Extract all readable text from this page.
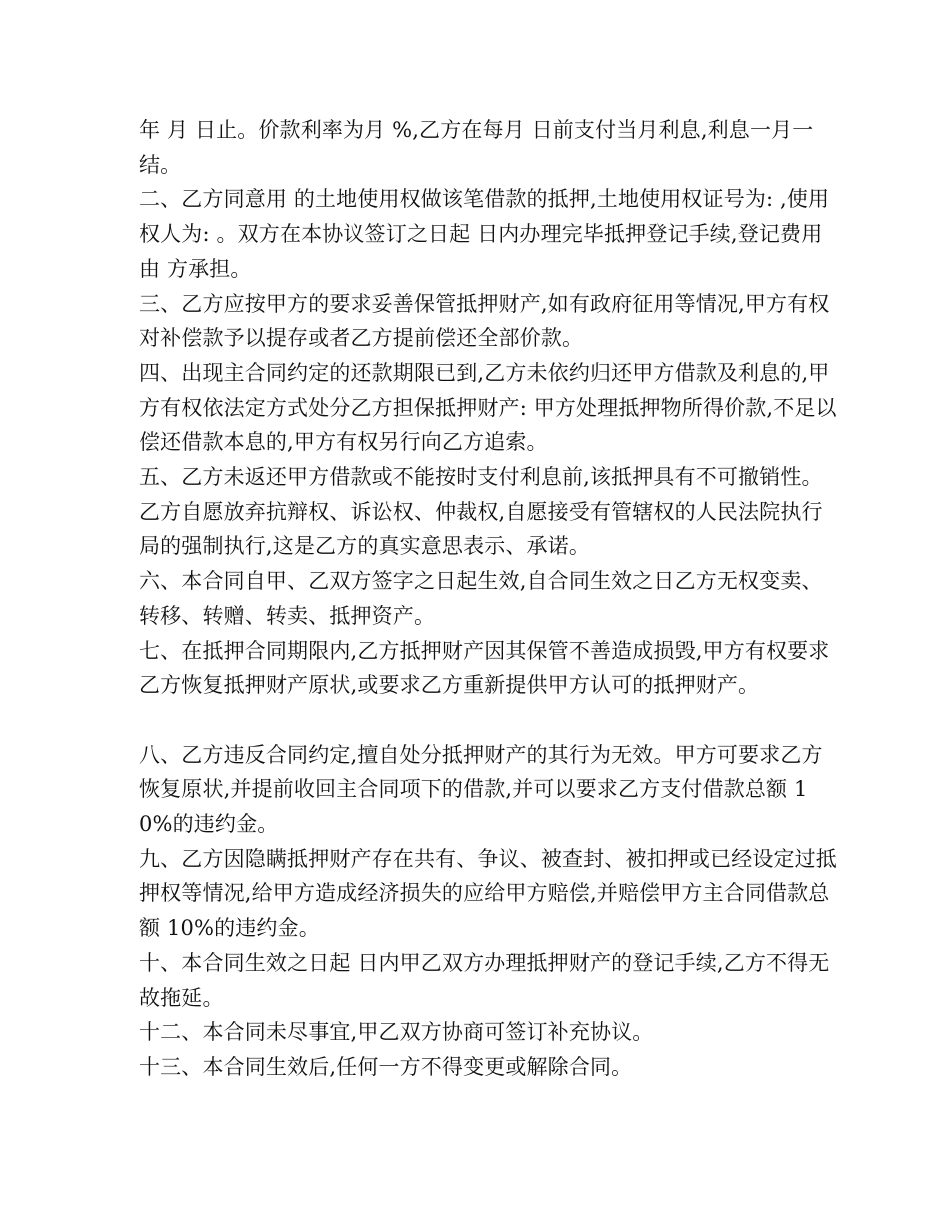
年 月 日止。价款利率为月 %,乙方在每月 日前支付当月利息,利息一月一结。

二、乙方同意用 的土地使用权做该笔借款的抵押,土地使用权证号为: ,使用权人为: 。双方在本协议签订之日起 日内办理完毕抵押登记手续,登记费用由 方承担。

三、乙方应按甲方的要求妥善保管抵押财产,如有政府征用等情况,甲方有权对补偿款予以提存或者乙方提前偿还全部价款。

四、出现主合同约定的还款期限已到,乙方未依约归还甲方借款及利息的,甲方有权依法定方式处分乙方担保抵押财产: 甲方处理抵押物所得价款,不足以偿还借款本息的,甲方有权另行向乙方追索。

五、乙方未返还甲方借款或不能按时支付利息前,该抵押具有不可撤销性。乙方自愿放弃抗辩权、诉讼权、仲裁权,自愿接受有管辖权的人民法院执行局的强制执行,这是乙方的真实意思表示、承诺。

六、本合同自甲、乙双方签字之日起生效,自合同生效之日乙方无权变卖、转移、转赠、转卖、抵押资产。

七、在抵押合同期限内,乙方抵押财产因其保管不善造成损毁,甲方有权要求乙方恢复抵押财产原状,或要求乙方重新提供甲方认可的抵押财产。

八、乙方违反合同约定,擅自处分抵押财产的其行为无效。甲方可要求乙方恢复原状,并提前收回主合同项下的借款,并可以要求乙方支付借款总额 10%的违约金。

九、乙方因隐瞒抵押财产存在共有、争议、被查封、被扣押或已经设定过抵押权等情况,给甲方造成经济损失的应给甲方赔偿,并赔偿甲方主合同借款总额 10%的违约金。

十、本合同生效之日起 日内甲乙双方办理抵押财产的登记手续,乙方不得无故拖延。

十二、本合同未尽事宜,甲乙双方协商可签订补充协议。

十三、本合同生效后,任何一方不得变更或解除合同。
